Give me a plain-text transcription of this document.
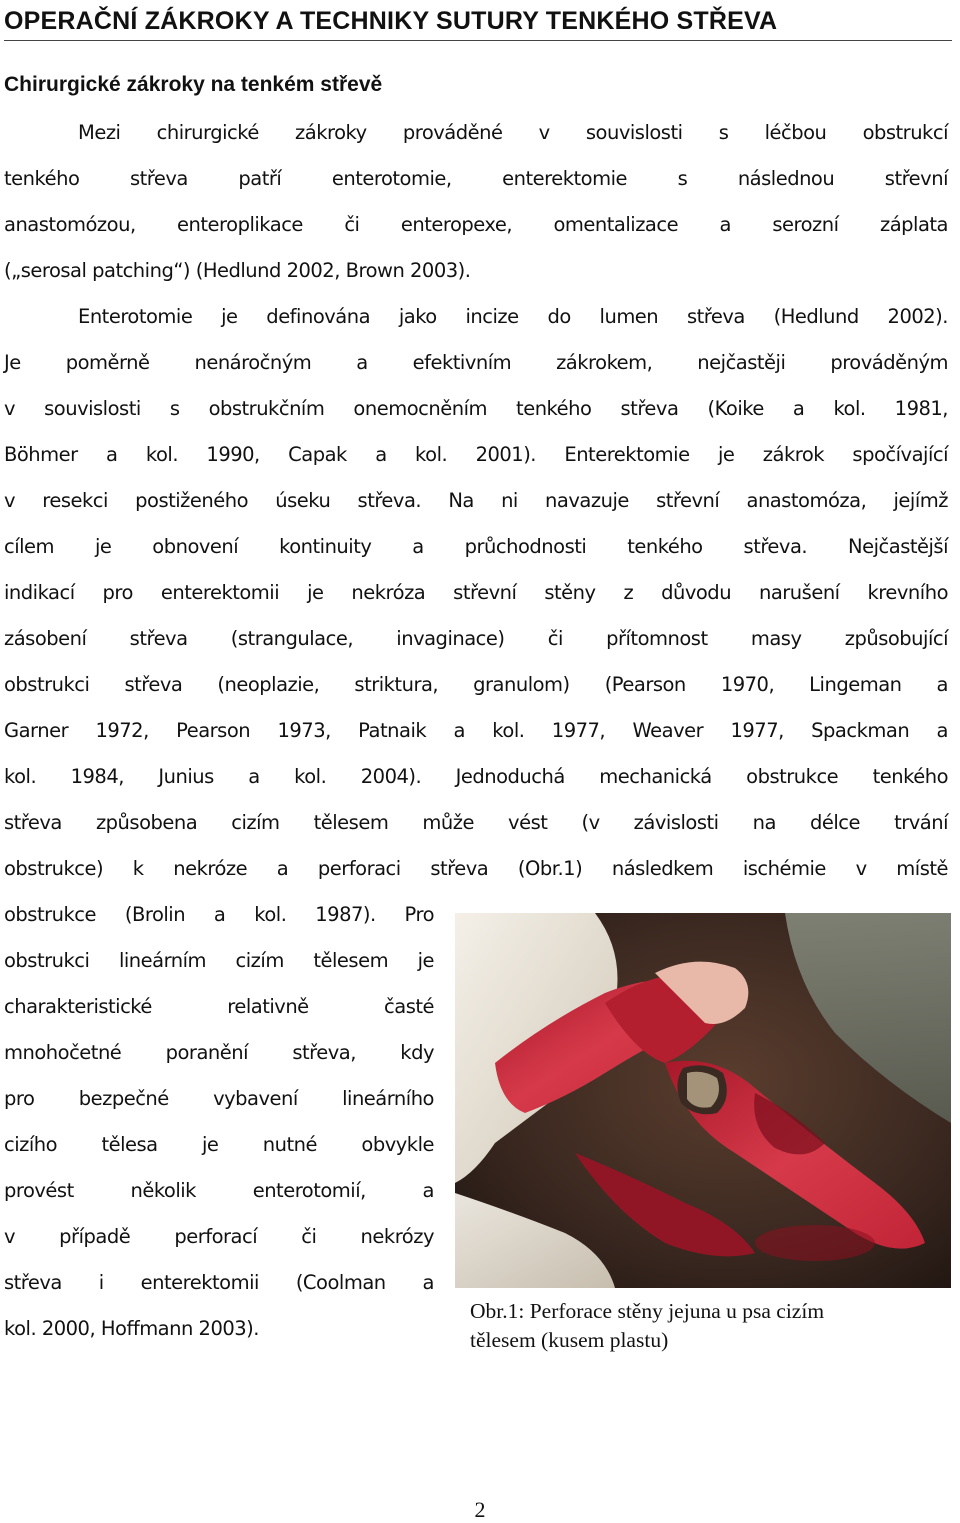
OPERAČNÍ ZÁKROKY A TECHNIKY SUTURY TENKÉHO STŘEVA
Chirurgické zákroky na tenkém střevě
Mezi chirurgické zákroky prováděné v souvislosti s léčbou obstrukcí
tenkého střeva patří enterotomie, enterektomie s následnou střevní
anastomózou, enteroplikace či enteropexe, omentalizace a serozní záplata
(„serosal patching“) (Hedlund 2002, Brown 2003).
Enterotomie je definována jako incize do lumen střeva (Hedlund 2002).
Je poměrně nenáročným a efektivním zákrokem, nejčastěji prováděným
v souvislosti s obstrukčním onemocněním tenkého střeva (Koike a kol. 1981,
Böhmer a kol. 1990, Capak a kol. 2001). Enterektomie je zákrok spočívající
v resekci postiženého úseku střeva. Na ni navazuje střevní anastomóza, jejímž
cílem je obnovení kontinuity a průchodnosti tenkého střeva. Nejčastější
indikací pro enterektomii je nekróza střevní stěny z důvodu narušení krevního
zásobení střeva (strangulace, invaginace) či přítomnost masy způsobující
obstrukci střeva (neoplazie, striktura, granulom) (Pearson 1970, Lingeman a
Garner 1972, Pearson 1973, Patnaik a kol. 1977, Weaver 1977, Spackman a
kol. 1984, Junius a kol. 2004). Jednoduchá mechanická obstrukce tenkého
střeva způsobena cizím tělesem může vést (v závislosti na délce trvání
obstrukce) k nekróze a perforaci střeva (Obr.1) následkem ischémie v místě
obstrukce (Brolin a kol. 1987). Pro
obstrukci lineárním cizím tělesem je
charakteristické relativně časté
mnohočetné poranění střeva, kdy
pro bezpečné vybavení lineárního
cizího tělesa je nutné obvykle
provést několik enterotomií, a
v případě perforací či nekrózy
střeva i enterektomii (Coolman a
kol. 2000, Hoffmann 2003).
Obr.1: Perforace stěny jejuna u psa cizím
tělesem (kusem plastu)
2
